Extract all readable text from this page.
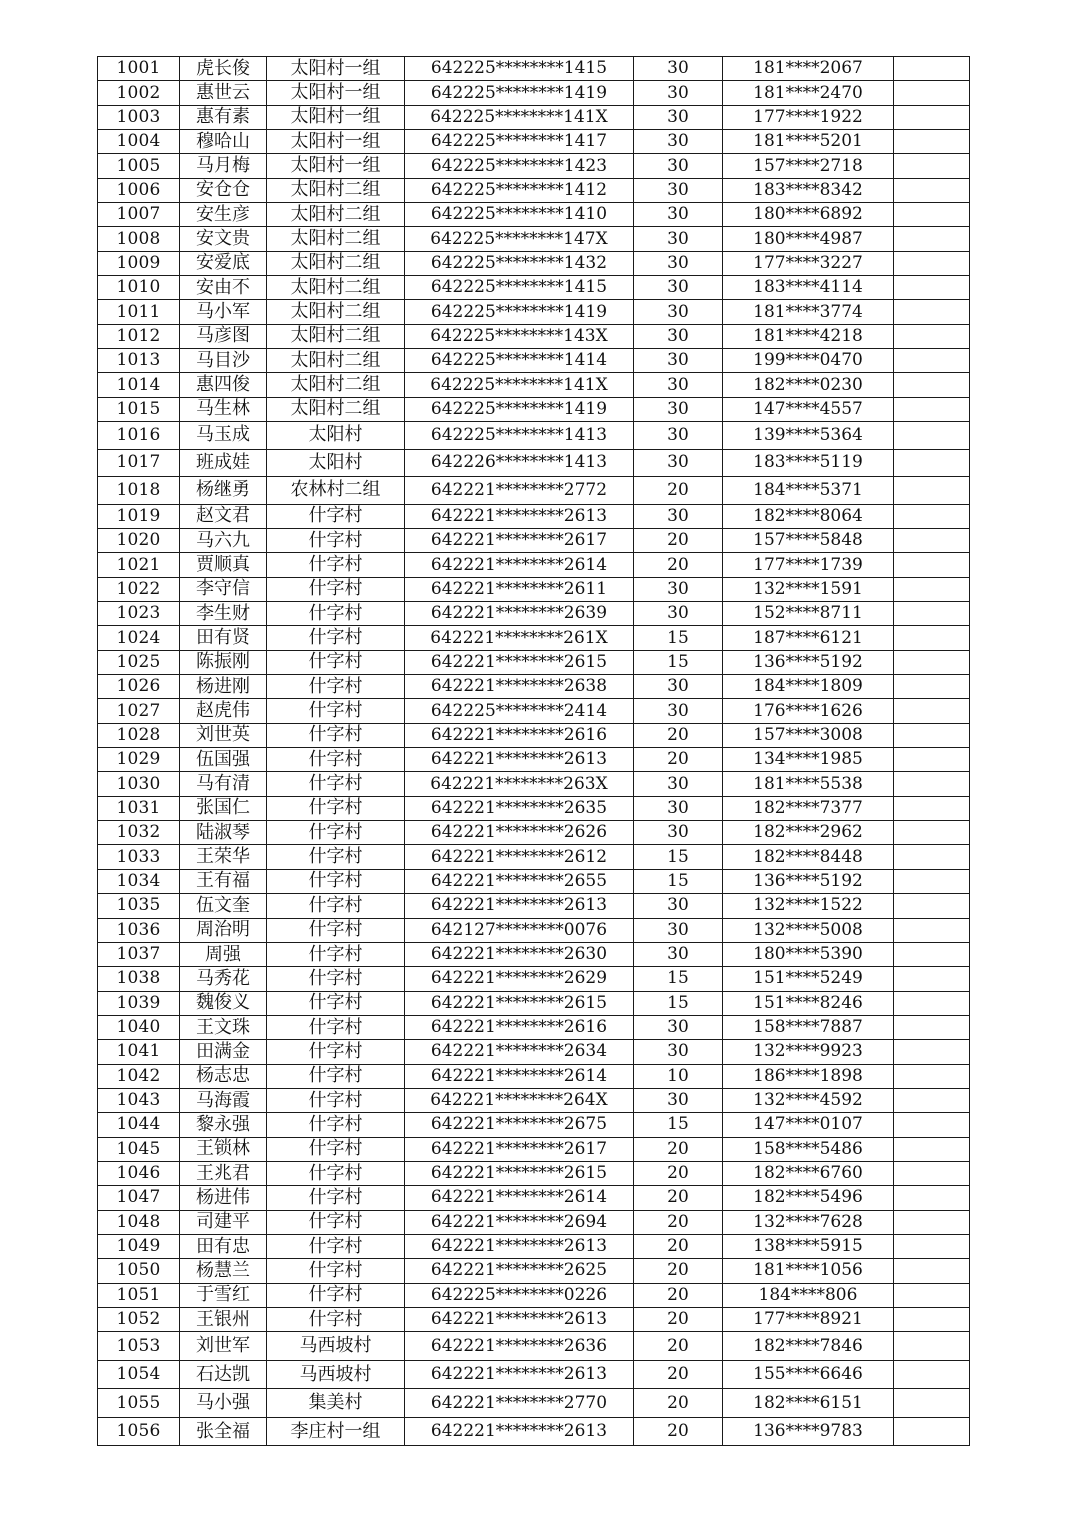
1001	虎长俊	太阳村一组	642225********1415	30	181****2067	
1002	惠世云	太阳村一组	642225********1419	30	181****2470	
1003	惠有素	太阳村一组	642225********141X	30	177****1922	
1004	穆哈山	太阳村一组	642225********1417	30	181****5201	
1005	马月梅	太阳村一组	642225********1423	30	157****2718	
1006	安仓仓	太阳村二组	642225********1412	30	183****8342	
1007	安生彦	太阳村二组	642225********1410	30	180****6892	
1008	安文贵	太阳村二组	642225********147X	30	180****4987	
1009	安爱底	太阳村二组	642225********1432	30	177****3227	
1010	安由不	太阳村二组	642225********1415	30	183****4114	
1011	马小军	太阳村二组	642225********1419	30	181****3774	
1012	马彦图	太阳村二组	642225********143X	30	181****4218	
1013	马目沙	太阳村二组	642225********1414	30	199****0470	
1014	惠四俊	太阳村二组	642225********141X	30	182****0230	
1015	马生林	太阳村二组	642225********1419	30	147****4557	
1016	马玉成	太阳村	642225********1413	30	139****5364	
1017	班成娃	太阳村	642226********1413	30	183****5119	
1018	杨继勇	农林村二组	642221********2772	20	184****5371	
1019	赵文君	什字村	642221********2613	30	182****8064	
1020	马六九	什字村	642221********2617	20	157****5848	
1021	贾顺真	什字村	642221********2614	20	177****1739	
1022	李守信	什字村	642221********2611	30	132****1591	
1023	李生财	什字村	642221********2639	30	152****8711	
1024	田有贤	什字村	642221********261X	15	187****6121	
1025	陈振刚	什字村	642221********2615	15	136****5192	
1026	杨进刚	什字村	642221********2638	30	184****1809	
1027	赵虎伟	什字村	642225********2414	30	176****1626	
1028	刘世英	什字村	642221********2616	20	157****3008	
1029	伍国强	什字村	642221********2613	20	134****1985	
1030	马有清	什字村	642221********263X	30	181****5538	
1031	张国仁	什字村	642221********2635	30	182****7377	
1032	陆淑琴	什字村	642221********2626	30	182****2962	
1033	王荣华	什字村	642221********2612	15	182****8448	
1034	王有福	什字村	642221********2655	15	136****5192	
1035	伍文奎	什字村	642221********2613	30	132****1522	
1036	周治明	什字村	642127********0076	30	132****5008	
1037	周强	什字村	642221********2630	30	180****5390	
1038	马秀花	什字村	642221********2629	15	151****5249	
1039	魏俊义	什字村	642221********2615	15	151****8246	
1040	王文珠	什字村	642221********2616	30	158****7887	
1041	田满金	什字村	642221********2634	30	132****9923	
1042	杨志忠	什字村	642221********2614	10	186****1898	
1043	马海霞	什字村	642221********264X	30	132****4592	
1044	黎永强	什字村	642221********2675	15	147****0107	
1045	王锁林	什字村	642221********2617	20	158****5486	
1046	王兆君	什字村	642221********2615	20	182****6760	
1047	杨进伟	什字村	642221********2614	20	182****5496	
1048	司建平	什字村	642221********2694	20	132****7628	
1049	田有忠	什字村	642221********2613	20	138****5915	
1050	杨慧兰	什字村	642221********2625	20	181****1056	
1051	于雪红	什字村	642225********0226	20	184****806	
1052	王银州	什字村	642221********2613	20	177****8921	
1053	刘世军	马西坡村	642221********2636	20	182****7846	
1054	石达凯	马西坡村	642221********2613	20	155****6646	
1055	马小强	集美村	642221********2770	20	182****6151	
1056	张全福	李庄村一组	642221********2613	20	136****9783	
